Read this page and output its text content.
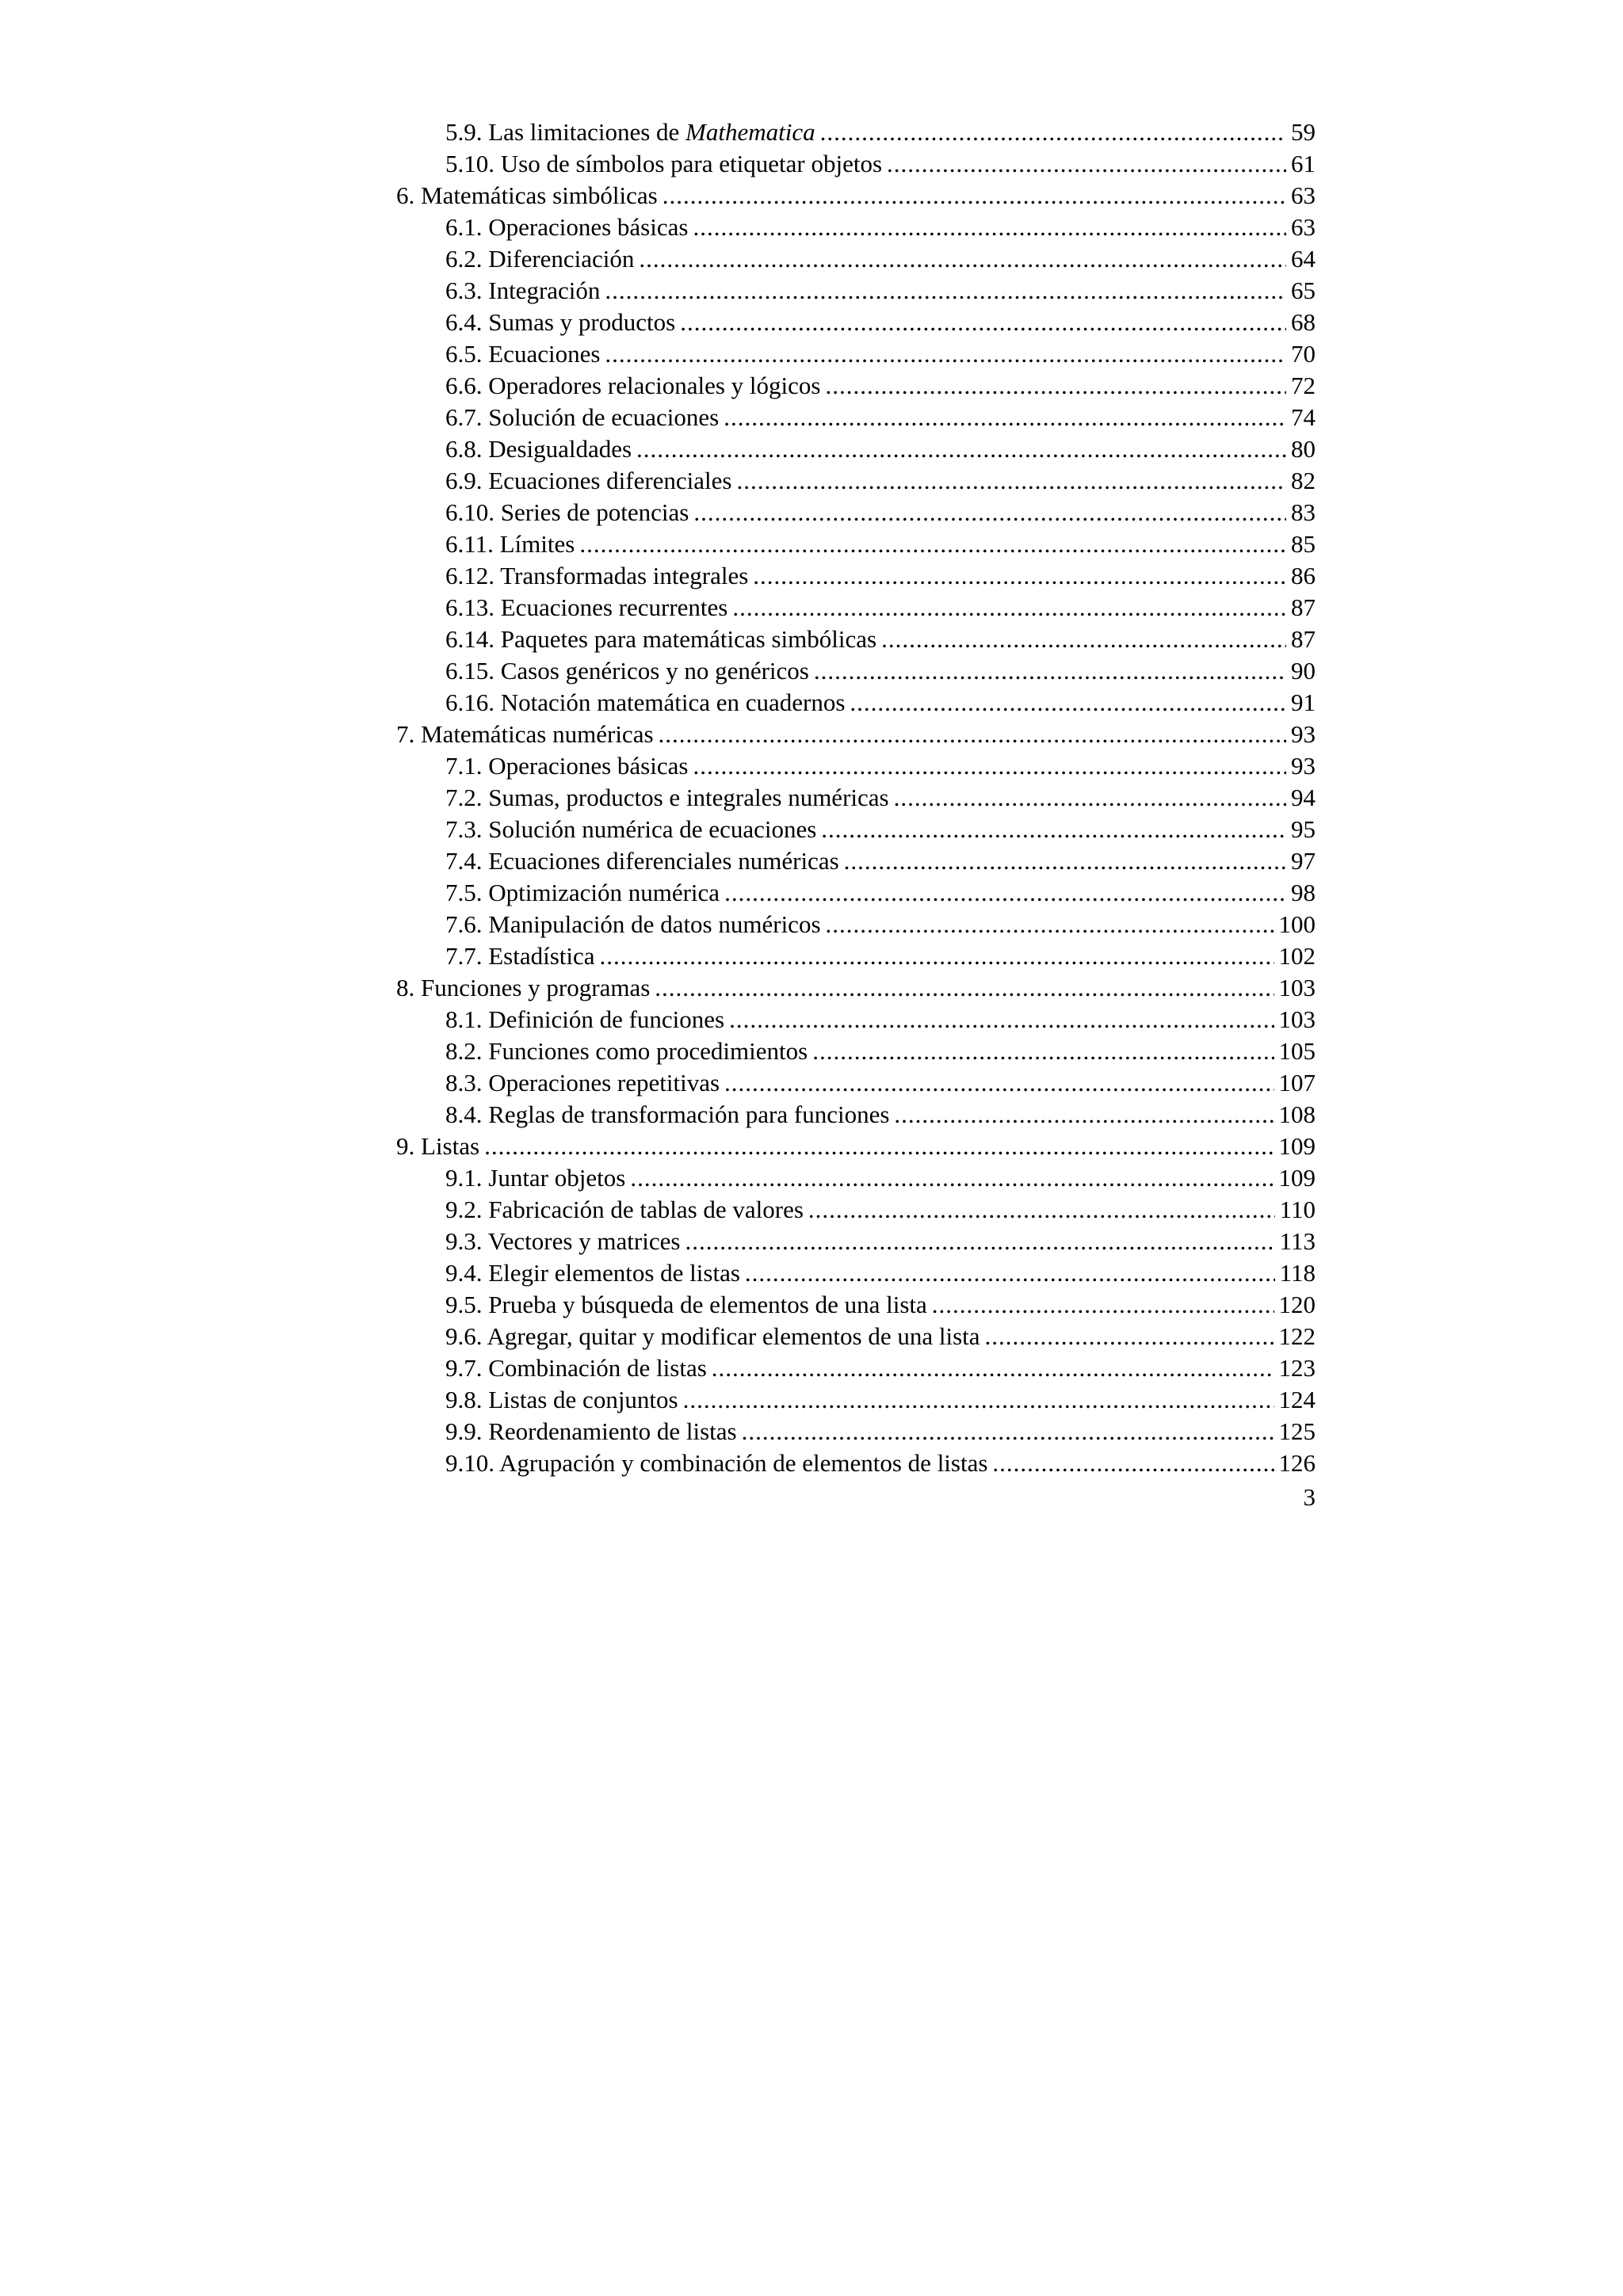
5.9. Las limitaciones de Mathematica .....	59
5.10. Uso de símbolos para etiquetar objetos .....	61
6. Matemáticas simbólicas .....	63
6.1. Operaciones básicas .....	63
6.2. Diferenciación .....	64
6.3. Integración .....	65
6.4. Sumas y productos .....	68
6.5. Ecuaciones .....	70
6.6. Operadores relacionales y lógicos .....	72
6.7. Solución de ecuaciones .....	74
6.8. Desigualdades .....	80
6.9. Ecuaciones diferenciales .....	82
6.10. Series de potencias .....	83
6.11. Límites .....	85
6.12. Transformadas integrales .....	86
6.13. Ecuaciones recurrentes .....	87
6.14. Paquetes para matemáticas simbólicas .....	87
6.15. Casos genéricos y no genéricos .....	90
6.16. Notación matemática en cuadernos .....	91
7. Matemáticas numéricas .....	93
7.1. Operaciones básicas .....	93
7.2. Sumas, productos e integrales numéricas .....	94
7.3. Solución numérica de ecuaciones .....	95
7.4. Ecuaciones diferenciales numéricas .....	97
7.5. Optimización numérica .....	98
7.6. Manipulación de datos numéricos .....	100
7.7. Estadística .....	102
8. Funciones y programas .....	103
8.1. Definición de funciones .....	103
8.2. Funciones como procedimientos .....	105
8.3. Operaciones repetitivas .....	107
8.4. Reglas de transformación para funciones .....	108
9. Listas .....	109
9.1. Juntar objetos .....	109
9.2. Fabricación de tablas de valores .....	110
9.3. Vectores y matrices .....	113
9.4. Elegir elementos de listas .....	118
9.5. Prueba y búsqueda de elementos de una lista .....	120
9.6. Agregar, quitar y modificar elementos de una lista .....	122
9.7. Combinación de listas .....	123
9.8. Listas de conjuntos .....	124
9.9. Reordenamiento de listas .....	125
9.10. Agrupación y combinación de elementos de listas .....	126
3
